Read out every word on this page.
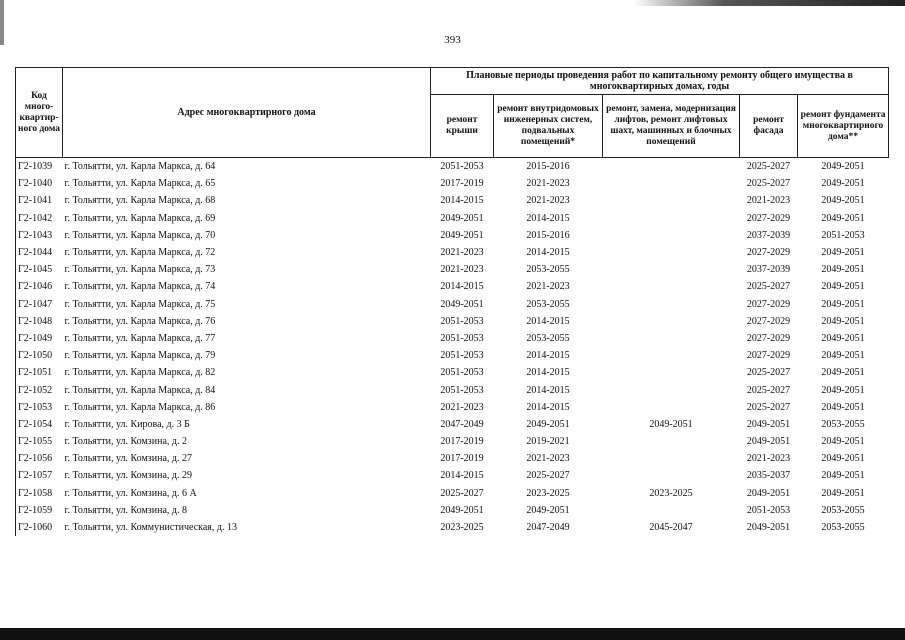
393
Код много-квартир-ного дома	Адрес многоквартирного дома	Плановые периоды проведения работ по капитальному ремонту общего имущества в многоквартирных домах, годы				
		ремонт крыши	ремонт внутридомовых инженерных систем, подвальных помещений*	ремонт, замена, модернизация лифтов, ремонт лифтовых шахт, машинных и блочных помещений	ремонт фасада	ремонт фундамента многоквартирного дома**
Г2-1039	г. Тольятти, ул. Карла Маркса, д. 64	2051-2053	2015-2016		2025-2027	2049-2051
Г2-1040	г. Тольятти, ул. Карла Маркса, д. 65	2017-2019	2021-2023		2025-2027	2049-2051
Г2-1041	г. Тольятти, ул. Карла Маркса, д. 68	2014-2015	2021-2023		2021-2023	2049-2051
Г2-1042	г. Тольятти, ул. Карла Маркса, д. 69	2049-2051	2014-2015		2027-2029	2049-2051
Г2-1043	г. Тольятти, ул. Карла Маркса, д. 70	2049-2051	2015-2016		2037-2039	2051-2053
Г2-1044	г. Тольятти, ул. Карла Маркса, д. 72	2021-2023	2014-2015		2027-2029	2049-2051
Г2-1045	г. Тольятти, ул. Карла Маркса, д. 73	2021-2023	2053-2055		2037-2039	2049-2051
Г2-1046	г. Тольятти, ул. Карла Маркса, д. 74	2014-2015	2021-2023		2025-2027	2049-2051
Г2-1047	г. Тольятти, ул. Карла Маркса, д. 75	2049-2051	2053-2055		2027-2029	2049-2051
Г2-1048	г. Тольятти, ул. Карла Маркса, д. 76	2051-2053	2014-2015		2027-2029	2049-2051
Г2-1049	г. Тольятти, ул. Карла Маркса, д. 77	2051-2053	2053-2055		2027-2029	2049-2051
Г2-1050	г. Тольятти, ул. Карла Маркса, д. 79	2051-2053	2014-2015		2027-2029	2049-2051
Г2-1051	г. Тольятти, ул. Карла Маркса, д. 82	2051-2053	2014-2015		2025-2027	2049-2051
Г2-1052	г. Тольятти, ул. Карла Маркса, д. 84	2051-2053	2014-2015		2025-2027	2049-2051
Г2-1053	г. Тольятти, ул. Карла Маркса, д. 86	2021-2023	2014-2015		2025-2027	2049-2051
Г2-1054	г. Тольятти, ул. Кирова, д. 3 Б	2047-2049	2049-2051	2049-2051	2049-2051	2053-2055
Г2-1055	г. Тольятти, ул. Комзина, д. 2	2017-2019	2019-2021		2049-2051	2049-2051
Г2-1056	г. Тольятти, ул. Комзина, д. 27	2017-2019	2021-2023		2021-2023	2049-2051
Г2-1057	г. Тольятти, ул. Комзина, д. 29	2014-2015	2025-2027		2035-2037	2049-2051
Г2-1058	г. Тольятти, ул. Комзина, д. 6 А	2025-2027	2023-2025	2023-2025	2049-2051	2049-2051
Г2-1059	г. Тольятти, ул. Комзина, д. 8	2049-2051	2049-2051		2051-2053	2053-2055
Г2-1060	г. Тольятти, ул. Коммунистическая, д. 13	2023-2025	2047-2049	2045-2047	2049-2051	2053-2055
